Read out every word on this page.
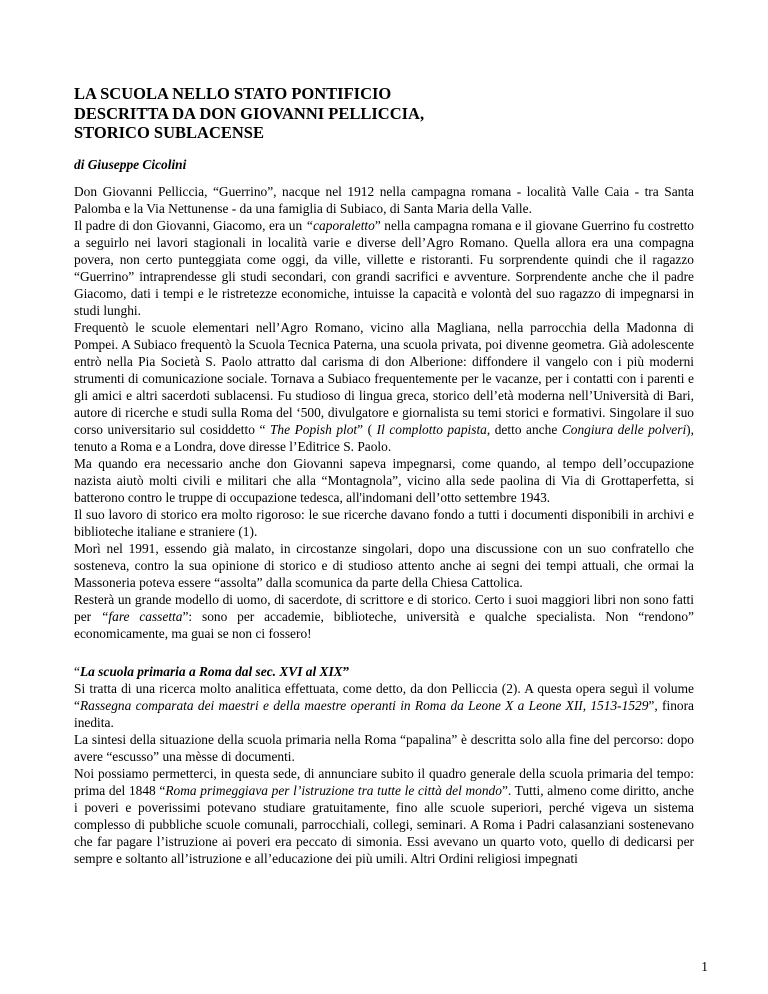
LA SCUOLA NELLO STATO PONTIFICIO
DESCRITTA DA DON GIOVANNI PELLICCIA,
STORICO SUBLACENSE

di Giuseppe Cicolini

Don Giovanni Pelliccia, “Guerrino”, nacque nel 1912 nella campagna romana - località Valle Caia - tra Santa Palomba e la Via Nettunense - da una famiglia di Subiaco, di Santa Maria della Valle.

Il padre di don Giovanni, Giacomo, era un “caporaletto” nella campagna romana e il giovane Guerrino fu costretto a seguirlo nei lavori stagionali in località varie e diverse dell’Agro Romano. Quella allora era una compagna povera, non certo punteggiata come oggi, da ville, villette e ristoranti. Fu sorprendente quindi che il ragazzo “Guerrino” intraprendesse gli studi secondari, con grandi sacrifici e avventure. Sorprendente anche che il padre Giacomo, dati i tempi e le ristretezze economiche, intuisse la capacità e volontà del suo ragazzo di impegnarsi in studi lunghi.

Frequentò le scuole elementari nell’Agro Romano, vicino alla Magliana, nella parrocchia della Madonna di Pompei. A Subiaco frequentò la Scuola Tecnica Paterna, una scuola privata, poi divenne geometra. Già adolescente entrò nella Pia Società S. Paolo attratto dal carisma di don Alberione: diffondere il vangelo con i più moderni strumenti di comunicazione sociale. Tornava a Subiaco frequentemente per le vacanze, per i contatti con i parenti e gli amici e altri sacerdoti sublacensi. Fu studioso di lingua greca, storico dell’età moderna nell’Università di Bari, autore di ricerche e studi sulla Roma del ‘500, divulgatore e giornalista su temi storici e formativi. Singolare il suo corso universitario sul cosiddetto “ The Popish plot” ( Il complotto papista, detto anche Congiura delle polveri), tenuto a Roma e a Londra, dove diresse l’Editrice S. Paolo.

Ma quando era necessario anche don Giovanni sapeva impegnarsi, come quando, al tempo dell’occupazione nazista aiutò molti civili e militari che alla “Montagnola”, vicino alla sede paolina di Via di Grottaperfetta, si batterono contro le truppe di occupazione tedesca, all'indomani dell’otto settembre 1943.

Il suo lavoro di storico era molto rigoroso: le sue ricerche davano fondo a tutti i documenti disponibili in archivi e biblioteche italiane e straniere (1).

Morì nel 1991, essendo già malato, in circostanze singolari, dopo una discussione con un suo confratello che sosteneva, contro la sua opinione di storico e di studioso attento anche ai segni dei tempi attuali, che ormai la Massoneria poteva essere “assolta” dalla scomunica da parte della Chiesa Cattolica.

Resterà un grande modello di uomo, di sacerdote, di scrittore e di storico. Certo i suoi maggiori libri non sono fatti per “fare cassetta”: sono per accademie, biblioteche, università e qualche specialista. Non “rendono” economicamente, ma guai se non ci fossero!

“La scuola primaria a Roma dal sec. XVI al XIX”

Si tratta di una ricerca molto analitica effettuata, come detto, da don Pelliccia (2). A questa opera seguì il volume “Rassegna comparata dei maestri e della maestre operanti in Roma da Leone X a Leone XII, 1513-1529”, finora inedita.

La sintesi della situazione della scuola primaria nella Roma “papalina” è descritta solo alla fine del percorso: dopo avere “escusso” una mèsse di documenti.

Noi possiamo permetterci, in questa sede, di annunciare subito il quadro generale della scuola primaria del tempo: prima del 1848 “Roma primeggiava per l’istruzione tra tutte le città del mondo”. Tutti, almeno come diritto, anche i poveri e poverissimi potevano studiare gratuitamente, fino alle scuole superiori, perché vigeva un sistema complesso di pubbliche scuole comunali, parrocchiali, collegi, seminari. A Roma i Padri calasanziani sostenevano che far pagare l’istruzione ai poveri era peccato di simonia. Essi avevano un quarto voto, quello di dedicarsi per sempre e soltanto all’istruzione e all’educazione dei più umili. Altri Ordini religiosi impegnati

1
